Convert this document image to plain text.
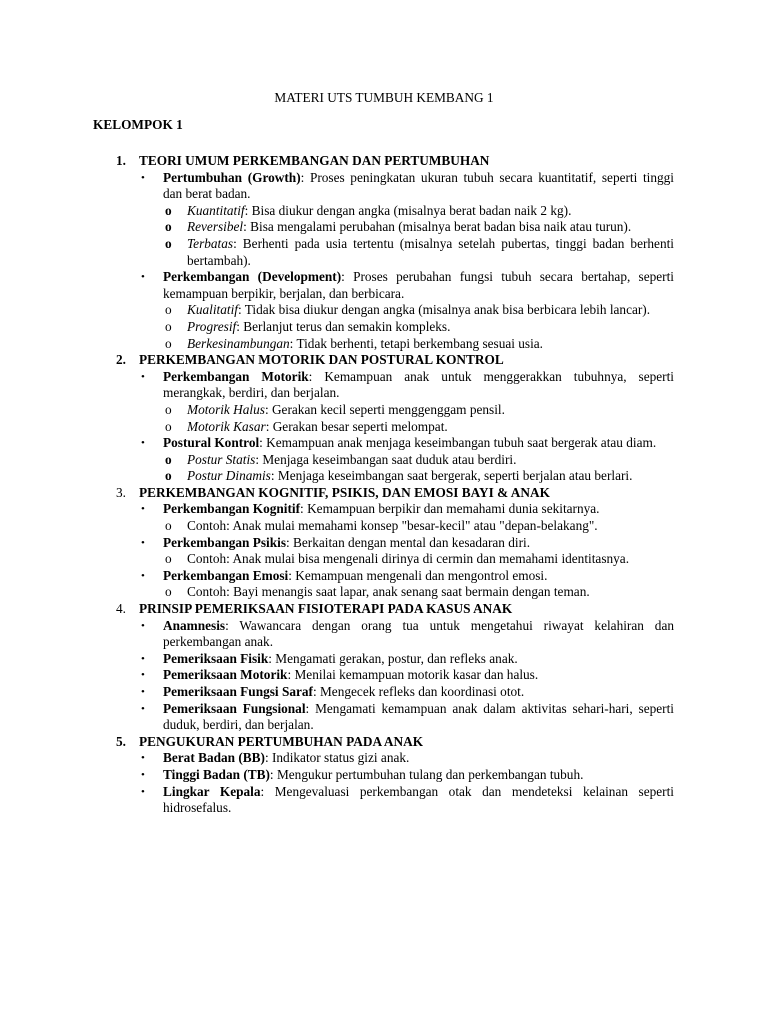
MATERI UTS TUMBUH KEMBANG 1
KELOMPOK 1
1. TEORI UMUM PERKEMBANGAN DAN PERTUMBUHAN
• Pertumbuhan (Growth): Proses peningkatan ukuran tubuh secara kuantitatif, seperti tinggi dan berat badan.
o Kuantitatif: Bisa diukur dengan angka (misalnya berat badan naik 2 kg).
o Reversibel: Bisa mengalami perubahan (misalnya berat badan bisa naik atau turun).
o Terbatas: Berhenti pada usia tertentu (misalnya setelah pubertas, tinggi badan berhenti bertambah).
• Perkembangan (Development): Proses perubahan fungsi tubuh secara bertahap, seperti kemampuan berpikir, berjalan, dan berbicara.
o Kualitatif: Tidak bisa diukur dengan angka (misalnya anak bisa berbicara lebih lancar).
o Progresif: Berlanjut terus dan semakin kompleks.
o Berkesinambungan: Tidak berhenti, tetapi berkembang sesuai usia.
2. PERKEMBANGAN MOTORIK DAN POSTURAL KONTROL
• Perkembangan Motorik: Kemampuan anak untuk menggerakkan tubuhnya, seperti merangkak, berdiri, dan berjalan.
o Motorik Halus: Gerakan kecil seperti menggenggam pensil.
o Motorik Kasar: Gerakan besar seperti melompat.
• Postural Kontrol: Kemampuan anak menjaga keseimbangan tubuh saat bergerak atau diam.
o Postur Statis: Menjaga keseimbangan saat duduk atau berdiri.
o Postur Dinamis: Menjaga keseimbangan saat bergerak, seperti berjalan atau berlari.
3. PERKEMBANGAN KOGNITIF, PSIKIS, DAN EMOSI BAYI & ANAK
• Perkembangan Kognitif: Kemampuan berpikir dan memahami dunia sekitarnya.
o Contoh: Anak mulai memahami konsep "besar-kecil" atau "depan-belakang".
• Perkembangan Psikis: Berkaitan dengan mental dan kesadaran diri.
o Contoh: Anak mulai bisa mengenali dirinya di cermin dan memahami identitasnya.
• Perkembangan Emosi: Kemampuan mengenali dan mengontrol emosi.
o Contoh: Bayi menangis saat lapar, anak senang saat bermain dengan teman.
4. PRINSIP PEMERIKSAAN FISIOTERAPI PADA KASUS ANAK
• Anamnesis: Wawancara dengan orang tua untuk mengetahui riwayat kelahiran dan perkembangan anak.
• Pemeriksaan Fisik: Mengamati gerakan, postur, dan refleks anak.
• Pemeriksaan Motorik: Menilai kemampuan motorik kasar dan halus.
• Pemeriksaan Fungsi Saraf: Mengecek refleks dan koordinasi otot.
• Pemeriksaan Fungsional: Mengamati kemampuan anak dalam aktivitas sehari-hari, seperti duduk, berdiri, dan berjalan.
5. PENGUKURAN PERTUMBUHAN PADA ANAK
• Berat Badan (BB): Indikator status gizi anak.
• Tinggi Badan (TB): Mengukur pertumbuhan tulang dan perkembangan tubuh.
• Lingkar Kepala: Mengevaluasi perkembangan otak dan mendeteksi kelainan seperti hidrosefalus.
